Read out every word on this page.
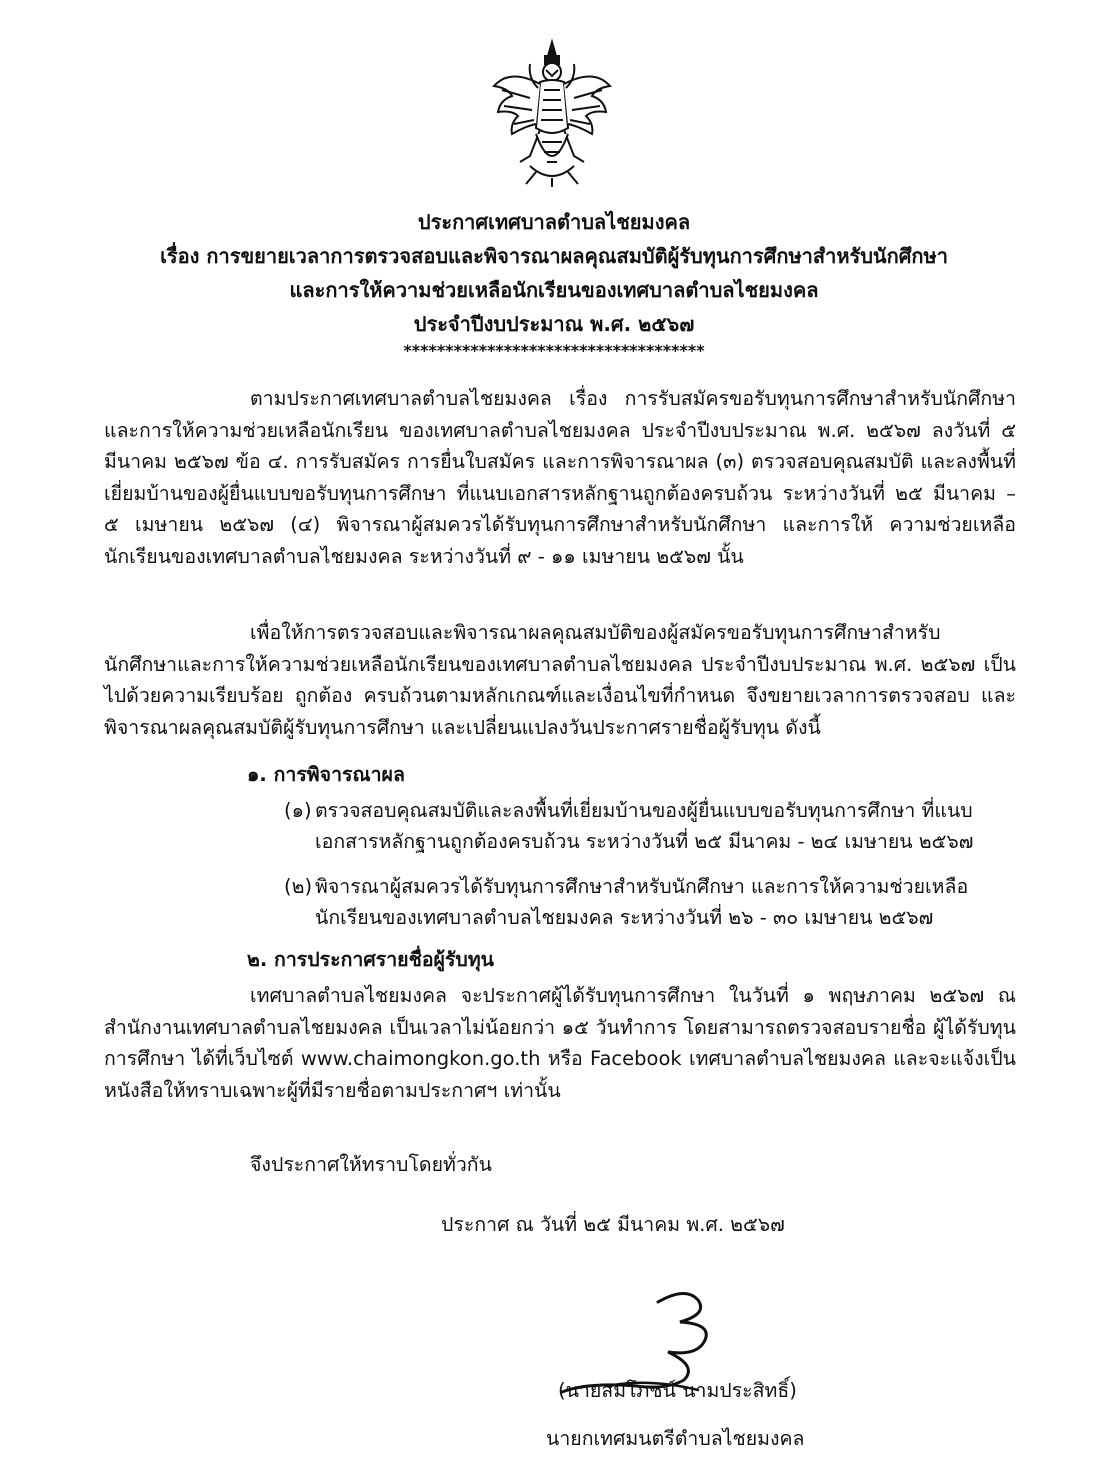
ประกาศเทศบาลตำบลไชยมงคล
เรื่อง การขยายเวลาการตรวจสอบและพิจารณาผลคุณสมบัติผู้รับทุนการศึกษาสำหรับนักศึกษา
และการให้ความช่วยเหลือนักเรียนของเทศบาลตำบลไชยมงคล
ประจำปีงบประมาณ พ.ศ. ๒๕๖๗
************************************

ตามประกาศเทศบาลตำบลไชยมงคล เรื่อง การรับสมัครขอรับทุนการศึกษาสำหรับนักศึกษา และการให้ความช่วยเหลือนักเรียน ของเทศบาลตำบลไชยมงคล ประจำปีงบประมาณ พ.ศ. ๒๕๖๗ ลงวันที่ ๕ มีนาคม ๒๕๖๗ ข้อ ๔. การรับสมัคร การยื่นใบสมัคร และการพิจารณาผล (๓) ตรวจสอบคุณสมบัติ และลงพื้นที่เยี่ยมบ้านของผู้ยื่นแบบขอรับทุนการศึกษา ที่แนบเอกสารหลักฐานถูกต้องครบถ้วน ระหว่างวันที่ ๒๕ มีนาคม – ๕ เมษายน ๒๕๖๗ (๔) พิจารณาผู้สมควรได้รับทุนการศึกษาสำหรับนักศึกษา และการให้ ความช่วยเหลือนักเรียนของเทศบาลตำบลไชยมงคล ระหว่างวันที่ ๙ - ๑๑ เมษายน ๒๕๖๗ นั้น

เพื่อให้การตรวจสอบและพิจารณาผลคุณสมบัติของผู้สมัครขอรับทุนการศึกษาสำหรับ นักศึกษาและการให้ความช่วยเหลือนักเรียนของเทศบาลตำบลไชยมงคล ประจำปีงบประมาณ พ.ศ. ๒๕๖๗ เป็นไปด้วยความเรียบร้อย ถูกต้อง ครบถ้วนตามหลักเกณฑ์และเงื่อนไขที่กำหนด จึงขยายเวลาการตรวจสอบ และพิจารณาผลคุณสมบัติผู้รับทุนการศึกษา และเปลี่ยนแปลงวันประกาศรายชื่อผู้รับทุน ดังนี้

๑. การพิจารณาผล
(๑) ตรวจสอบคุณสมบัติและลงพื้นที่เยี่ยมบ้านของผู้ยื่นแบบขอรับทุนการศึกษา ที่แนบ เอกสารหลักฐานถูกต้องครบถ้วน ระหว่างวันที่ ๒๕ มีนาคม - ๒๔ เมษายน ๒๕๖๗
(๒) พิจารณาผู้สมควรได้รับทุนการศึกษาสำหรับนักศึกษา และการให้ความช่วยเหลือ นักเรียนของเทศบาลตำบลไชยมงคล ระหว่างวันที่ ๒๖ - ๓๐ เมษายน ๒๕๖๗
๒. การประกาศรายชื่อผู้รับทุน

เทศบาลตำบลไชยมงคล จะประกาศผู้ได้รับทุนการศึกษา ในวันที่ ๑ พฤษภาคม ๒๕๖๗ ณ สำนักงานเทศบาลตำบลไชยมงคล เป็นเวลาไม่น้อยกว่า ๑๕ วันทำการ โดยสามารถตรวจสอบรายชื่อ ผู้ได้รับทุนการศึกษา ได้ที่เว็บไซต์ www.chaimongkon.go.th หรือ Facebook เทศบาลตำบลไชยมงคล และจะแจ้งเป็นหนังสือให้ทราบเฉพาะผู้ที่มีรายชื่อตามประกาศฯ เท่านั้น

จึงประกาศให้ทราบโดยทั่วกัน
ประกาศ ณ วันที่ ๒๕ มีนาคม พ.ศ. ๒๕๖๗
(นายสมโภชน์ นามประสิทธิ์)
นายกเทศมนตรีตำบลไชยมงคล
